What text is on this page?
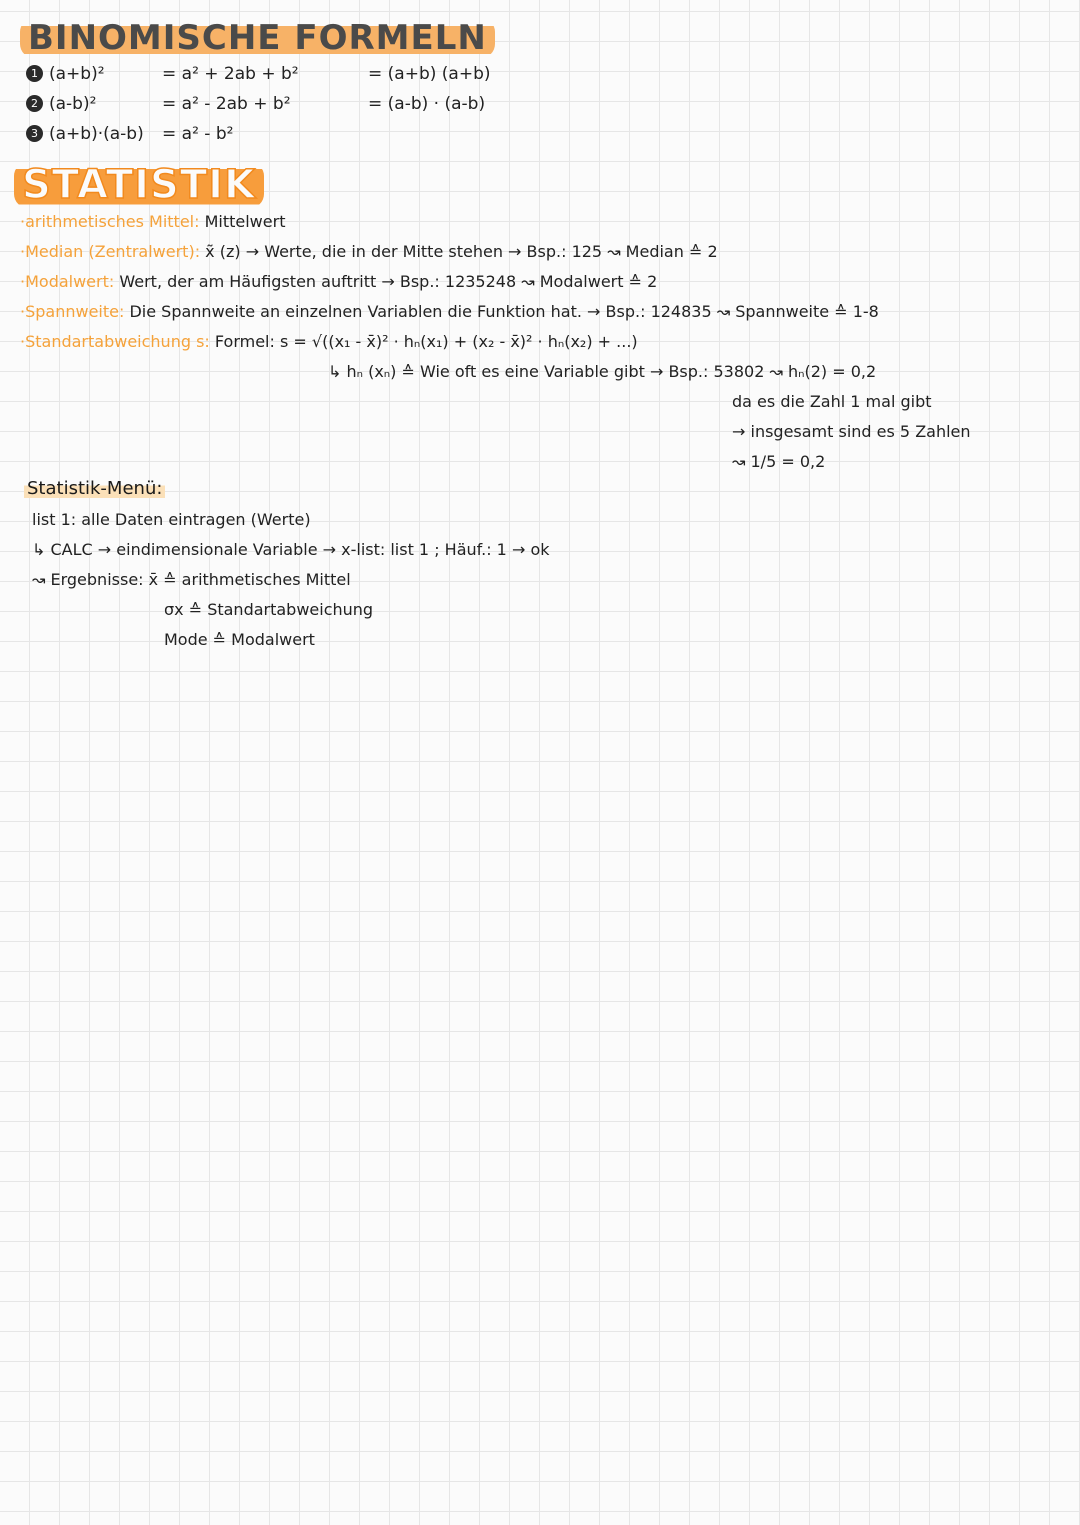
BINOMISCHE FORMELN
1 (a+b)²	= a² + 2ab + b²	= (a+b) (a+b)
2 (a-b)²	= a² - 2ab + b²	= (a-b) · (a-b)
3 (a+b)·(a-b) = a² - b²
STATISTIK
·arithmetisches Mittel: Mittelwert
·Median (Zentralwert): x̃ (z) → Werte, die in der Mitte stehen → Bsp.: 125 ↝ Median ≙ 2
·Modalwert: Wert, der am Häufigsten auftritt → Bsp.: 1235248 ↝ Modalwert ≙ 2
·Spannweite: Die Spannweite an einzelnen Variablen die Funktion hat. → Bsp.: 124835 ↝ Spannweite ≙ 1-8
·Standartabweichung s: Formel: s = √((x₁ - x̄)² · hₙ(x₁) + (x₂ - x̄)² · hₙ(x₂) + ...)
↳ hₙ (xₙ) ≙ Wie oft es eine Variable gibt → Bsp.: 53802 ↝ hₙ(2) = 0,2
da es die Zahl 1 mal gibt
→ insgesamt sind es 5 Zahlen
↝ 1/5 = 0,2
Statistik-Menü:
list 1: alle Daten eintragen (Werte)
↳ CALC → eindimensionale Variable → x-list: list 1 ; Häuf.: 1 → ok
↝ Ergebnisse: x̄ ≙ arithmetisches Mittel
σx ≙ Standartabweichung
Mode ≙ Modalwert
